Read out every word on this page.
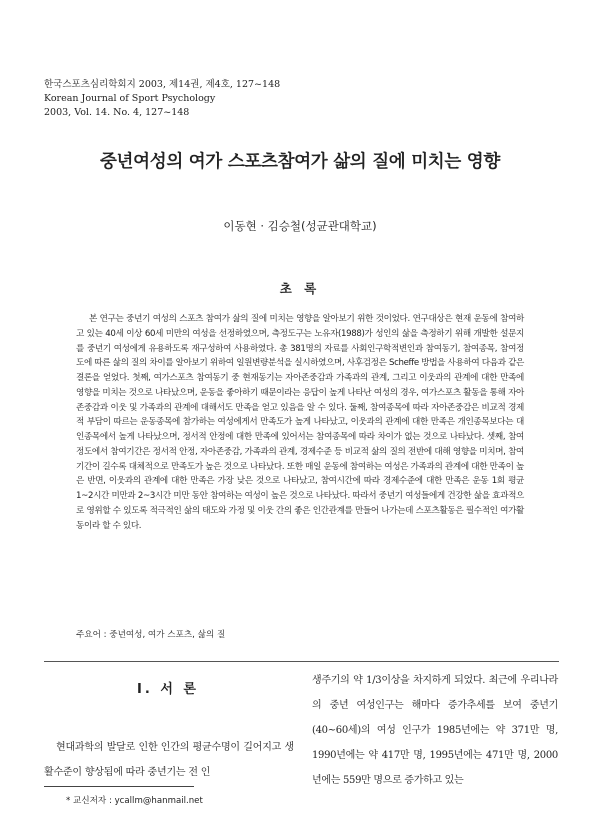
한국스포츠심리학회지 2003, 제14권, 제4호, 127~148
Korean Journal of Sport Psychology
2003, Vol. 14. No. 4, 127~148
중년여성의 여가 스포츠참여가 삶의 질에 미치는 영향
이동현 · 김승철(성균관대학교)
초 록

본 연구는 중년기 여성의 스포츠 참여가 삶의 질에 미치는 영향을 알아보기 위한 것이었다. 연구대상은 현재 운동에 참여하고 있는 40세 이상 60세 미만의 여성을 선정하였으며, 측정도구는 노유자(1988)가 성인의 삶을 측정하기 위해 개발한 설문지를 중년기 여성에게 유용하도록 재구성하여 사용하였다. 총 381명의 자료를 사회인구학적변인과 참여동기, 참여종목, 참여정도에 따른 삶의 질의 차이를 알아보기 위하여 일원변량분석을 실시하였으며, 사후검정은 Scheffe 방법을 사용하여 다음과 같은 결론을 얻었다. 첫째, 여가스포츠 참여동기 중 현재동기는 자아존중감과 가족과의 관계, 그리고 이웃과의 관계에 대한 만족에 영향을 미치는 것으로 나타났으며, 운동을 좋아하기 때문이라는 응답이 높게 나타난 여성의 경우, 여가스포츠 활동을 통해 자아존중감과 이웃 및 가족과의 관계에 대해서도 만족을 얻고 있음을 알 수 있다. 둘째, 참여종목에 따라 자아존중감은 비교적 경제적 부담이 따르는 운동종목에 참가하는 여성에게서 만족도가 높게 나타났고, 이웃과의 관계에 대한 만족은 개인종목보다는 대인종목에서 높게 나타났으며, 정서적 안정에 대한 만족에 있어서는 참여종목에 따라 차이가 없는 것으로 나타났다. 셋째, 참여정도에서 참여기간은 정서적 안정, 자아존중감, 가족과의 관계, 경제수준 등 비교적 삶의 질의 전반에 대해 영향을 미치며, 참여기간이 길수록 대체적으로 만족도가 높은 것으로 나타났다. 또한 매일 운동에 참여하는 여성은 가족과의 관계에 대한 만족이 높은 반면, 이웃과의 관계에 대한 만족은 가장 낮은 것으로 나타났고, 참여시간에 따라 경제수준에 대한 만족은 운동 1회 평균 1~2시간 미만과 2~3시간 미만 동안 참여하는 여성이 높은 것으로 나타났다. 따라서 중년기 여성들에게 건강한 삶을 효과적으로 영위할 수 있도록 적극적인 삶의 태도와 가정 및 이웃 간의 좋은 인간관계를 만들어 나가는데 스포츠활동은 필수적인 여가활동이라 할 수 있다.

주요어 : 중년여성, 여가 스포츠, 삶의 질
Ⅰ. 서 론

현대과학의 발달로 인한 인간의 평균수명이 길어지고 생활수준이 향상됨에 따라 중년기는 전 인

생주기의 약 1/3이상을 차지하게 되었다. 최근에 우리나라의 중년 여성인구는 해마다 증가추세를 보여 중년기(40~60세)의 여성 인구가 1985년에는 약 371만 명, 1990년에는 약 417만 명, 1995년에는 471만 명, 2000년에는 559만 명으로 증가하고 있는

* 교신저자 : ycallm@hanmail.net
